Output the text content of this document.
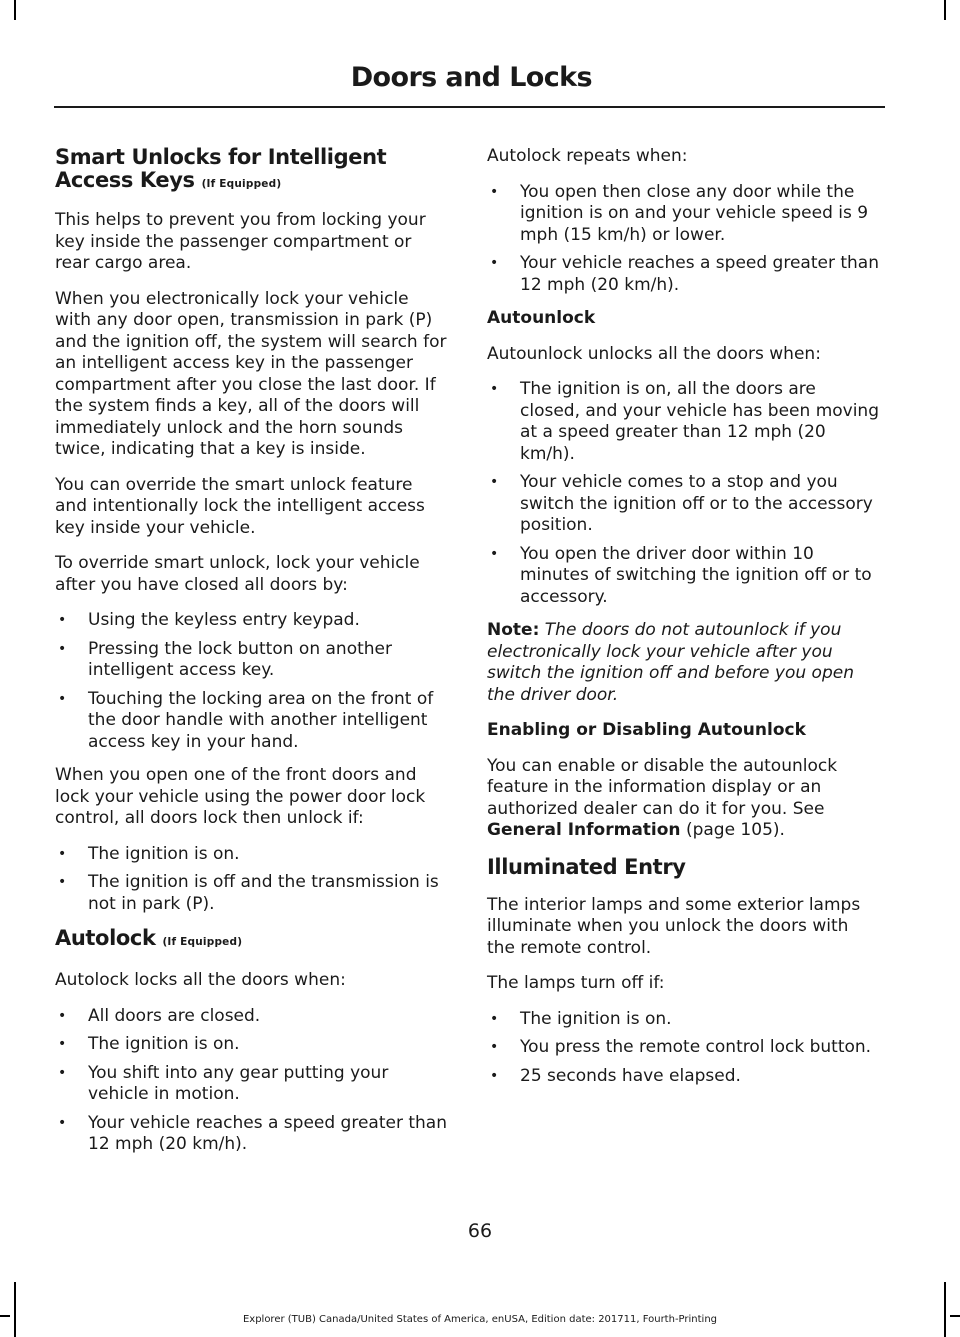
Doors and Locks
Smart Unlocks for Intelligent Access Keys (If Equipped)

This helps to prevent you from locking your key inside the passenger compartment or rear cargo area.

When you electronically lock your vehicle with any door open, transmission in park (P) and the ignition off, the system will search for an intelligent access key in the passenger compartment after you close the last door. If the system finds a key, all of the doors will immediately unlock and the horn sounds twice, indicating that a key is inside.

You can override the smart unlock feature and intentionally lock the intelligent access key inside your vehicle.

To override smart unlock, lock your vehicle after you have closed all doors by:

• Using the keyless entry keypad.
• Pressing the lock button on another intelligent access key.
• Touching the locking area on the front of the door handle with another intelligent access key in your hand.

When you open one of the front doors and lock your vehicle using the power door lock control, all doors lock then unlock if:

• The ignition is on.
• The ignition is off and the transmission is not in park (P).
Autolock (If Equipped)

Autolock locks all the doors when:

• All doors are closed.
• The ignition is on.
• You shift into any gear putting your vehicle in motion.
• Your vehicle reaches a speed greater than 12 mph (20 km/h).

Autolock repeats when:

• You open then close any door while the ignition is on and your vehicle speed is 9 mph (15 km/h) or lower.
• Your vehicle reaches a speed greater than 12 mph (20 km/h).
Autounlock

Autounlock unlocks all the doors when:

• The ignition is on, all the doors are closed, and your vehicle has been moving at a speed greater than 12 mph (20 km/h).
• Your vehicle comes to a stop and you switch the ignition off or to the accessory position.
• You open the driver door within 10 minutes of switching the ignition off or to accessory.

Note: The doors do not autounlock if you electronically lock your vehicle after you switch the ignition off and before you open the driver door.

Enabling or Disabling Autounlock

You can enable or disable the autounlock feature in the information display or an authorized dealer can do it for you. See General Information (page 105).

Illuminated Entry

The interior lamps and some exterior lamps illuminate when you unlock the doors with the remote control.

The lamps turn off if:

• The ignition is on.
• You press the remote control lock button.
• 25 seconds have elapsed.
66
Explorer (TUB) Canada/United States of America, enUSA, Edition date: 201711, Fourth-Printing
